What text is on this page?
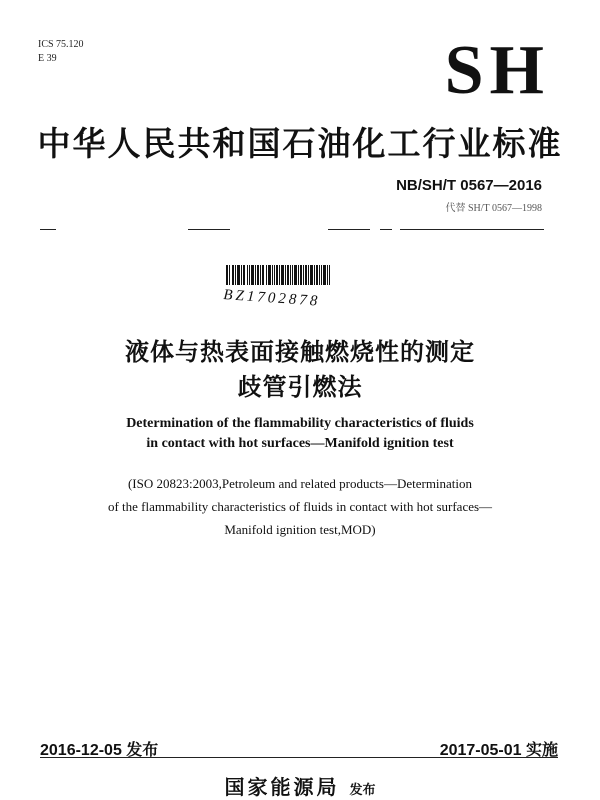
ICS 75.120
E 39	SH
中华人民共和国石油化工行业标准
NB/SH/T 0567—2016
代替 SH/T 0567—1998
BZ1702878
液体与热表面接触燃烧性的测定
歧管引燃法
Determination of the flammability characteristics of fluids
in contact with hot surfaces—Manifold ignition test
(ISO 20823:2003,Petroleum and related products—Determination
of the flammability characteristics of fluids in contact with hot surfaces—
Manifold ignition test,MOD)
2016-12-05 发布	2017-05-01 实施
国家能源局 发布
